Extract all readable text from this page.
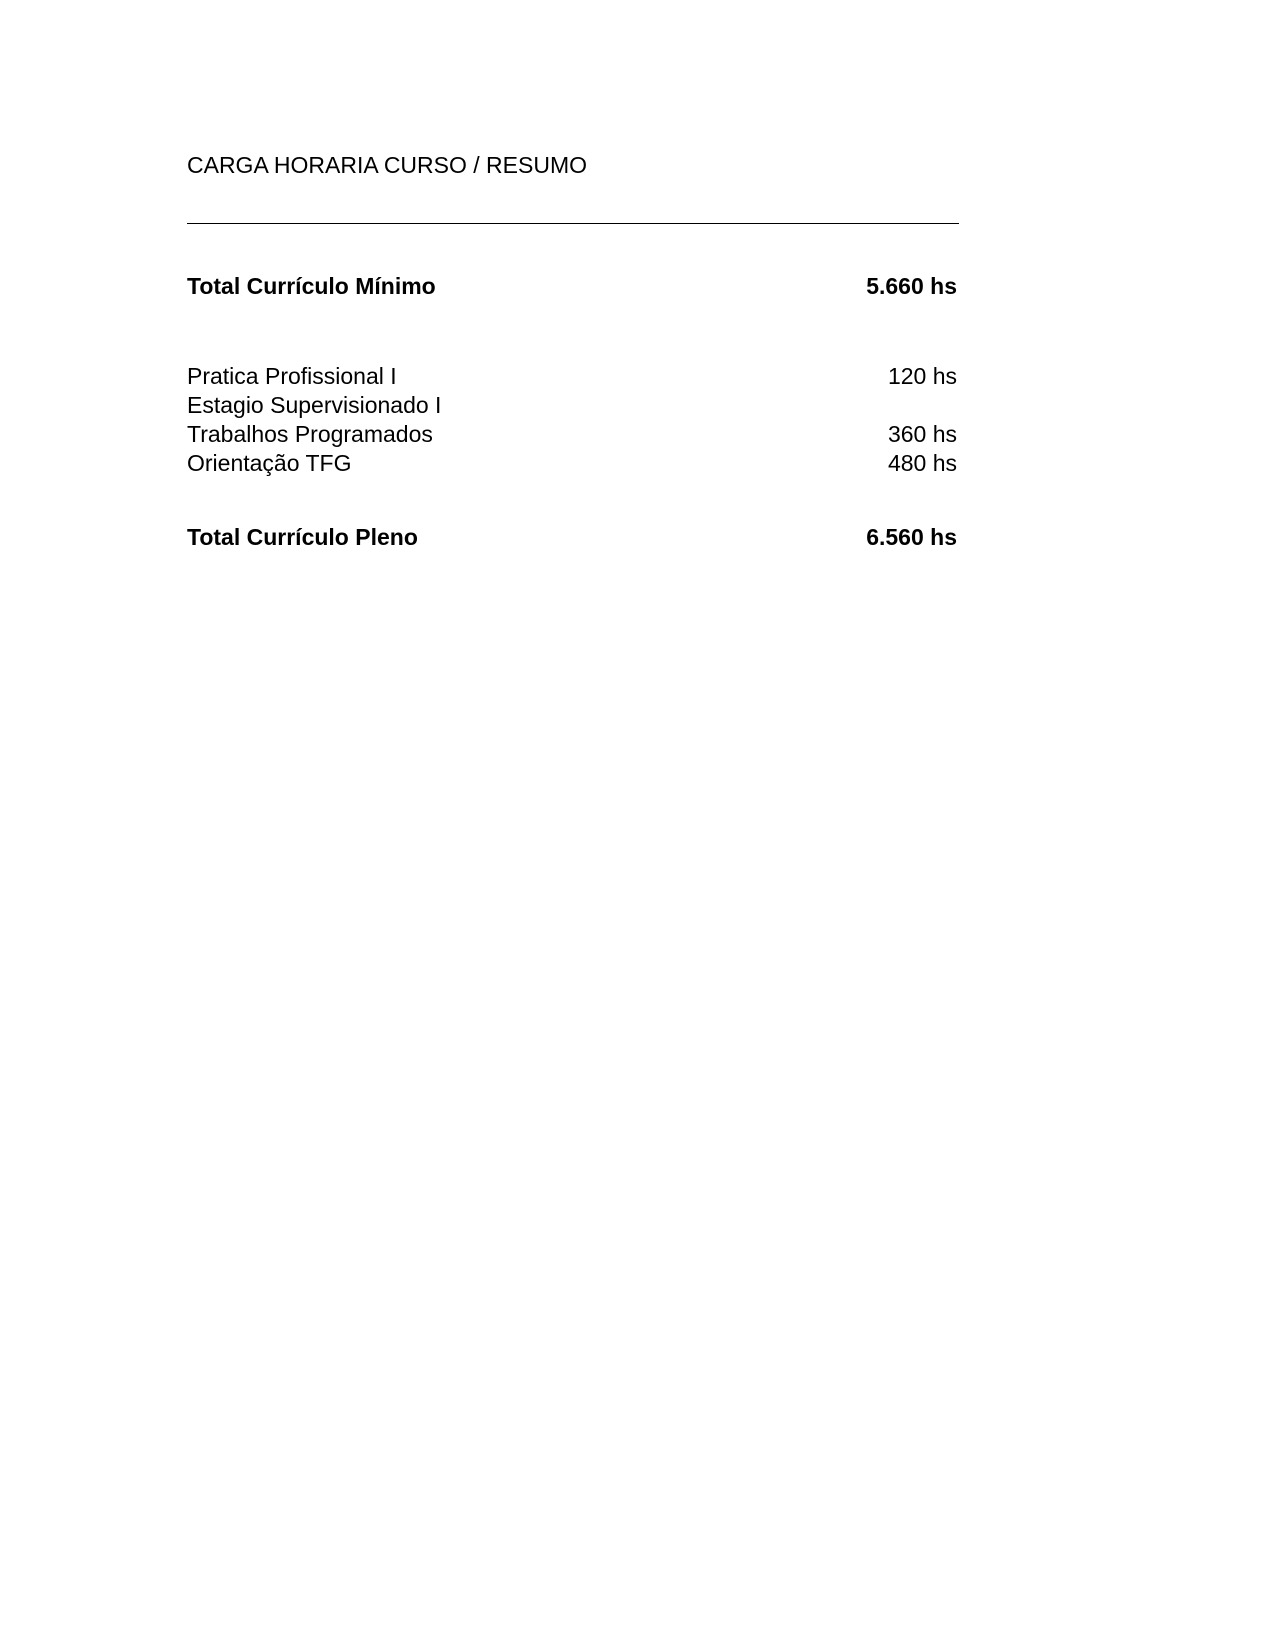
CARGA HORARIA CURSO / RESUMO
Total Currículo Mínimo	5.660 hs
Pratica Profissional I	120 hs
Estagio Supervisionado I
Trabalhos Programados	360 hs
Orientação TFG	480 hs
Total Currículo Pleno	6.560 hs
